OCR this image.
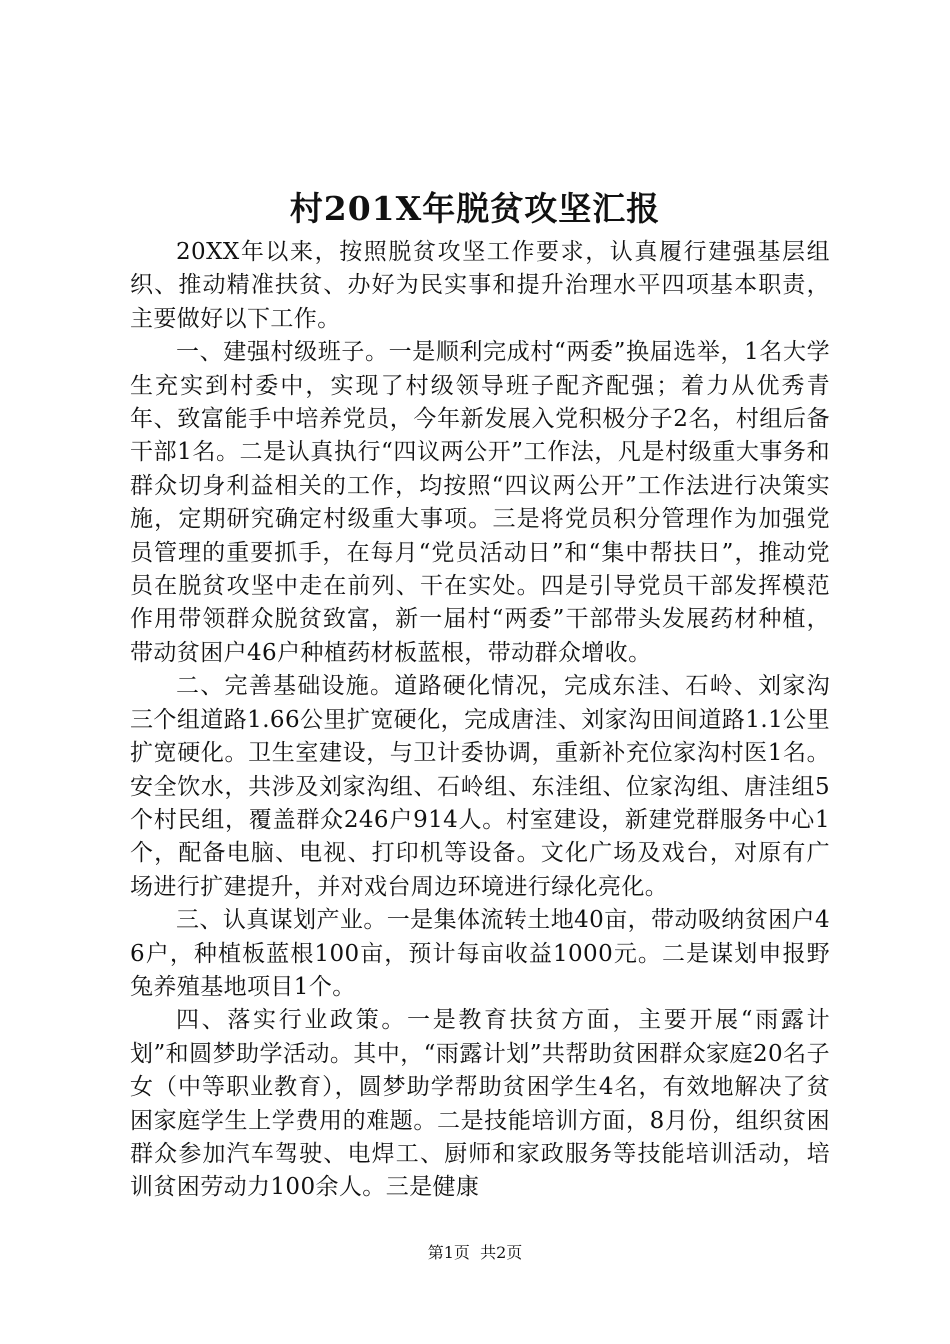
村201X年脱贫攻坚汇报

20XX年以来，按照脱贫攻坚工作要求，认真履行建强基层组织、推动精准扶贫、办好为民实事和提升治理水平四项基本职责，主要做好以下工作。

一、建强村级班子。一是顺利完成村“两委”换届选举，1名大学生充实到村委中，实现了村级领导班子配齐配强；着力从优秀青年、致富能手中培养党员，今年新发展入党积极分子2名，村组后备干部1名。二是认真执行“四议两公开”工作法，凡是村级重大事务和群众切身利益相关的工作，均按照“四议两公开”工作法进行决策实施，定期研究确定村级重大事项。三是将党员积分管理作为加强党员管理的重要抓手，在每月“党员活动日”和“集中帮扶日”，推动党员在脱贫攻坚中走在前列、干在实处。四是引导党员干部发挥模范作用带领群众脱贫致富，新一届村“两委”干部带头发展药材种植，带动贫困户46户种植药材板蓝根，带动群众增收。

二、完善基础设施。道路硬化情况，完成东洼、石岭、刘家沟三个组道路1.66公里扩宽硬化，完成唐洼、刘家沟田间道路1.1公里扩宽硬化。卫生室建设，与卫计委协调，重新补充位家沟村医1名。安全饮水，共涉及刘家沟组、石岭组、东洼组、位家沟组、唐洼组5个村民组，覆盖群众246户914人。村室建设，新建党群服务中心1个，配备电脑、电视、打印机等设备。文化广场及戏台，对原有广场进行扩建提升，并对戏台周边环境进行绿化亮化。

三、认真谋划产业。一是集体流转土地40亩，带动吸纳贫困户46户，种植板蓝根100亩，预计每亩收益1000元。二是谋划申报野兔养殖基地项目1个。

四、落实行业政策。一是教育扶贫方面，主要开展“雨露计划”和圆梦助学活动。其中，“雨露计划”共帮助贫困群众家庭20名子女（中等职业教育），圆梦助学帮助贫困学生4名，有效地解决了贫困家庭学生上学费用的难题。二是技能培训方面，8月份，组织贫困群众参加汽车驾驶、电焊工、厨师和家政服务等技能培训活动，培训贫困劳动力100余人。三是健康

第1页 共2页
